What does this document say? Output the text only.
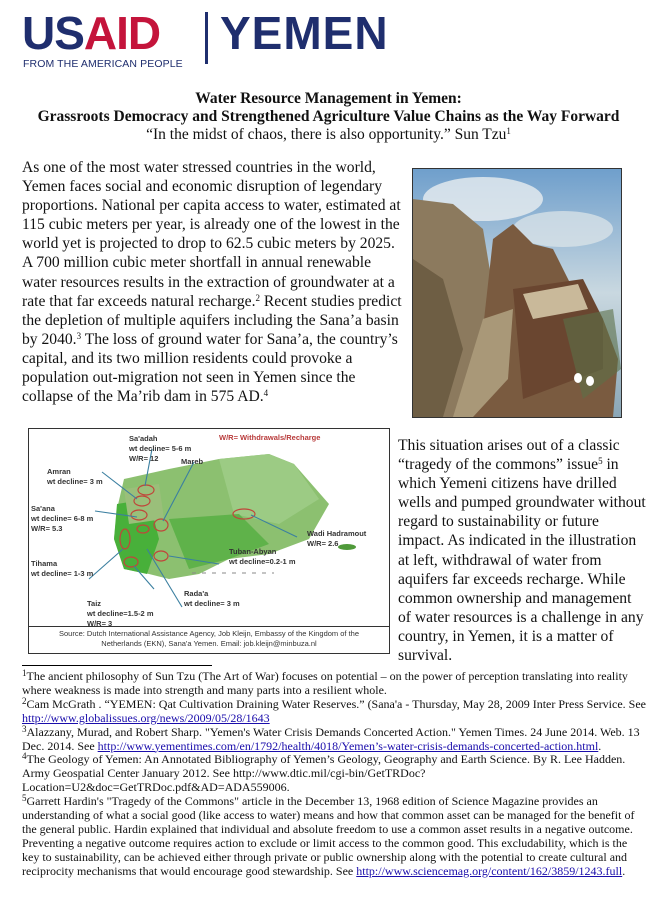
USAID
FROM THE AMERICAN PEOPLE
YEMEN
Water Resource Management in Yemen:
Grassroots Democracy and Strengthened Agriculture Value Chains as the Way Forward
“In the midst of chaos, there is also opportunity.” Sun Tzu$^1$
As one of the most water stressed countries in the world, Yemen faces social and economic disruption of legendary proportions. National per capita access to water, estimated at 115 cubic meters per year, is already one of the lowest in the world yet is projected to drop to 62.5 cubic meters by 2025. A 700 million cubic meter shortfall in annual renewable water resources results in the extraction of groundwater at a rate that far exceeds natural recharge.$^2$ Recent studies predict the depletion of multiple aquifers including the Sana’a basin by 2040.$^3$ The loss of ground water for Sana’a, the country’s capital, and its two million residents could provoke a population out-migration not seen in Yemen since the collapse of the Ma’rib dam in 575 AD.$^4$
W/R= Withdrawals/Recharge
Sa'adah
wt decline= 5-6 m
W/R= 12
Amran
wt decline= 3 m
Mareb
Sa'ana
wt decline= 6-8 m
W/R= 5.3
Wadi Hadramout
W/R= 2.6
Tuban-Abyan
wt decline=0.2-1 m
Tihama
wt decline= 1-3 m
Rada'a
wt decline= 3 m
Taiz
wt decline=1.5-2 m
W/R= 3
Source: Dutch International Assistance Agency, Job Kleijn, Embassy of the Kingdom of the
Netherlands (EKN), Sana'a Yemen. Email: job.kleijn@minbuza.nl
This situation arises out of a classic “tragedy of the commons” issue$^5$ in which Yemeni citizens have drilled wells and pumped groundwater without regard to sustainability or future impact. As indicated in the illustration at left, withdrawal of water from aquifers far exceeds recharge. While common ownership and management of water resources is a challenge in any country, in Yemen, it is a matter of survival.

$^1$The ancient philosophy of Sun Tzu (The Art of War) focuses on potential – on the power of perception translating into reality where weakness is made into strength and many parts into a resilient whole.

$^2$Cam McGrath . “YEMEN: Qat Cultivation Draining Water Reserves.” (Sana'a - Thursday, May 28, 2009 Inter Press Service. See http://www.globalissues.org/news/2009/05/28/1643

$^3$Alazzany, Murad, and Robert Sharp. "Yemen's Water Crisis Demands Concerted Action." Yemen Times. 24 June 2014. Web. 13 Dec. 2014. See http://www.yementimes.com/en/1792/health/4018/Yemen’s-water-crisis-demands-concerted-action.html.

$^4$The Geology of Yemen: An Annotated Bibliography of Yemen’s Geology, Geography and Earth Science. By R. Lee Hadden. Army Geospatial Center January 2012. See http://www.dtic.mil/cgi-bin/GetTRDoc?Location=U2&doc=GetTRDoc.pdf&AD=ADA559006.

$^5$Garrett Hardin's "Tragedy of the Commons" article in the December 13, 1968 edition of Science Magazine provides an understanding of what a social good (like access to water) means and how that common asset can be managed for the benefit of the general public. Hardin explained that individual and absolute freedom to use a common asset results in a negative outcome. Preventing a negative outcome requires action to exclude or limit access to the common good. This excludability, which is the key to sustainability, can be achieved either through private or public ownership along with the potential to create cultural and reciprocity mechanisms that would encourage good stewardship. See http://www.sciencemag.org/content/162/3859/1243.full.
